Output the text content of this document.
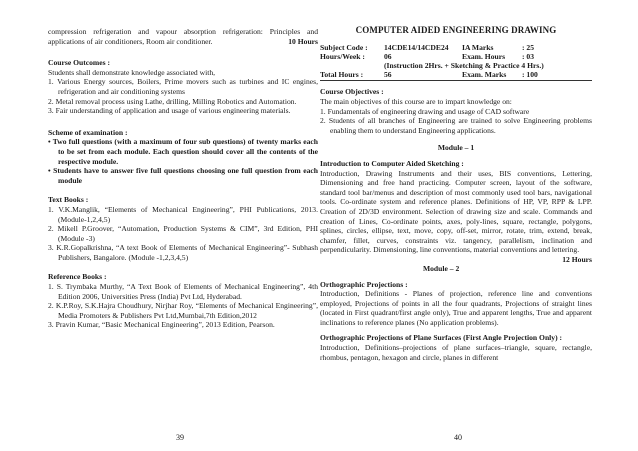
compression refrigeration and vapour absorption refrigeration: Principles and applications of air conditioners, Room air conditioner.	10 Hours

Course Outcomes :

Students shall demonstrate knowledge associated with,

1. Various Energy sources, Boilers, Prime movers such as turbines and IC engines, refrigeration and air conditioning systems

2. Metal removal process using Lathe, drilling, Milling Robotics and Automation.

3. Fair understanding of application and usage of various engineering materials.

Scheme of examination :

• Two full questions (with a maximum of four sub questions) of twenty marks each to be set from each module. Each question should cover all the contents of the respective module.

• Students have to answer five full questions choosing one full question from each module

Text Books :

1. V.K.Manglik, “Elements of Mechanical Engineering”, PHI Publications, 2013. (Module-1,2,4,5)

2. Mikell P.Groover, “Automation, Production Systems & CIM”, 3rd Edition, PHI (Module -3)

3. K.R.Gopalkrishna, “A text Book of Elements of Mechanical Engineering”- Subhash Publishers, Bangalore. (Module -1,2,3,4,5)

Reference Books :

1. S. Trymbaka Murthy, “A Text Book of Elements of Mechanical Engineering”, 4th Edition 2006, Universities Press (India) Pvt Ltd, Hyderabad.

2. K.P.Roy, S.K.Hajra Choudhury, Nirjhar Roy, “Elements of Mechanical Engineering”, Media Promoters & Publishers Pvt Ltd,Mumbai,7th Edition,2012

3. Pravin Kumar, “Basic Mechanical Engineering”, 2013 Edition, Pearson.

39

COMPUTER AIDED ENGINEERING DRAWING

Subject Code :	14CDE14/14CDE24	IA Marks	: 25
Hours/Week :	06	Exam. Hours	: 03
(Instruction 2Hrs. + Sketching & Practice 4 Hrs.)
Total Hours :	56	Exam. Marks	: 100

Course Objectives :

The main objectives of this course are to impart knowledge on:

1. Fundamentals of engineering drawing and usage of CAD software

2. Students of all branches of Engineering are trained to solve Engineering problems enabling them to understand Engineering applications.

Module – 1

Introduction to Computer Aided Sketching :

Introduction, Drawing Instruments and their uses, BIS conventions, Lettering, Dimensioning and free hand practicing. Computer screen, layout of the software, standard tool bar/menus and description of most commonly used tool bars, navigational tools. Co-ordinate system and reference planes. Definitions of HP, VP, RPP & LPP. Creation of 2D/3D environment. Selection of drawing size and scale. Commands and creation of Lines, Co-ordinate points, axes, poly-lines, square, rectangle, polygons, splines, circles, ellipse, text, move, copy, off-set, mirror, rotate, trim, extend, break, chamfer, fillet, curves, constraints viz. tangency, parallelism, inclination and perpendicularity. Dimensioning, line conventions, material conventions and lettering.
12 Hours

Module – 2

Orthographic Projections :

Introduction, Definitions - Planes of projection, reference line and conventions employed, Projections of points in all the four quadrants, Projections of straight lines (located in First quadrant/first angle only), True and apparent lengths, True and apparent inclinations to reference planes (No application problems).

Orthographic Projections of Plane Surfaces (First Angle Projection Only) :

Introduction, Definitions–projections of plane surfaces–triangle, square, rectangle, rhombus, pentagon, hexagon and circle, planes in different

40
